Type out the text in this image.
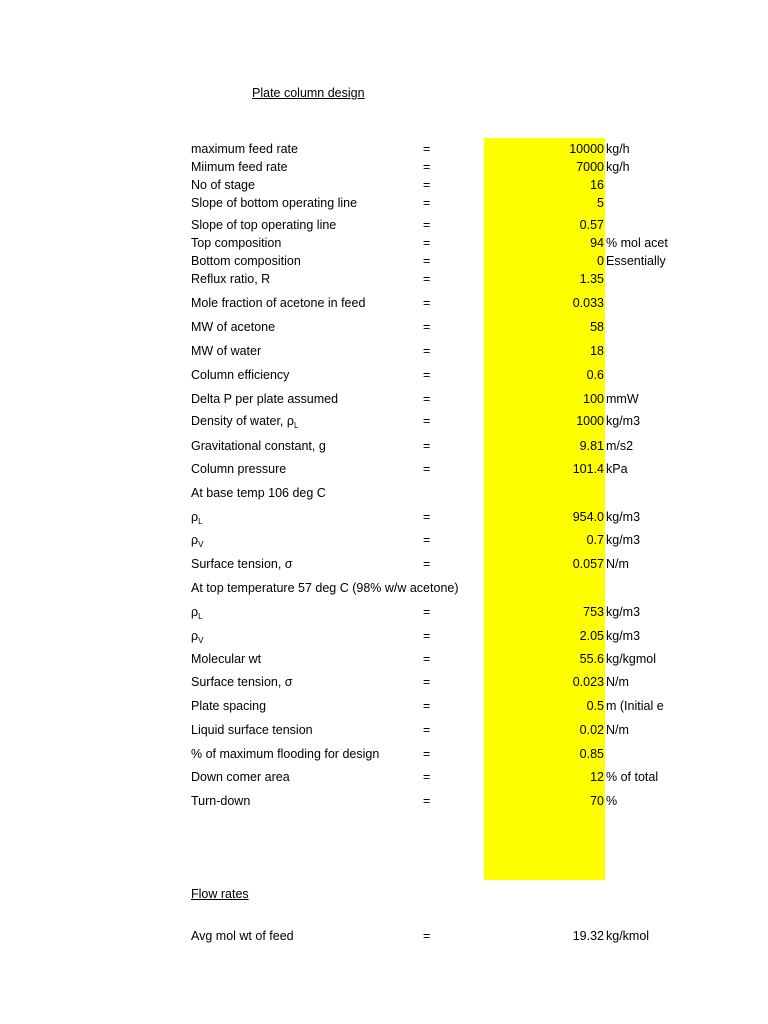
Plate column design
maximum feed rate	=	10000 kg/h
Miimum feed rate	=	7000 kg/h
No of stage	=	16
Slope of bottom operating line	=	5
Slope of top operating line	=	0.57
Top composition	=	94 % mol acet
Bottom composition	=	0 Essentially
Reflux ratio, R	=	1.35
Mole fraction of acetone in feed	=	0.033
MW of acetone	=	58
MW of water	=	18
Column efficiency	=	0.6
Delta P per plate assumed	=	100 mmW
Density of water, $\rho_L$	=	1000 kg/m3
Gravitational constant, g	=	9.81 m/s2
Column pressure	=	101.4 kPa
At base temp 106 deg C
$\rho_L$	=	954.0 kg/m3
$\rho_V$	=	0.7 kg/m3
Surface tension, σ	=	0.057 N/m
At top temperature 57 deg C (98% w/w acetone)
$\rho_L$	=	753 kg/m3
$\rho_V$	=	2.05 kg/m3
Molecular wt	=	55.6 kg/kgmol
Surface tension, σ	=	0.023 N/m
Plate spacing	=	0.5 m (Initial e
Liquid surface tension	=	0.02 N/m
% of maximum flooding for design	=	0.85
Down comer area	=	12 % of total
Turn-down	=	70 %
Flow rates
Avg mol wt of feed	=	19.32 kg/kmol
